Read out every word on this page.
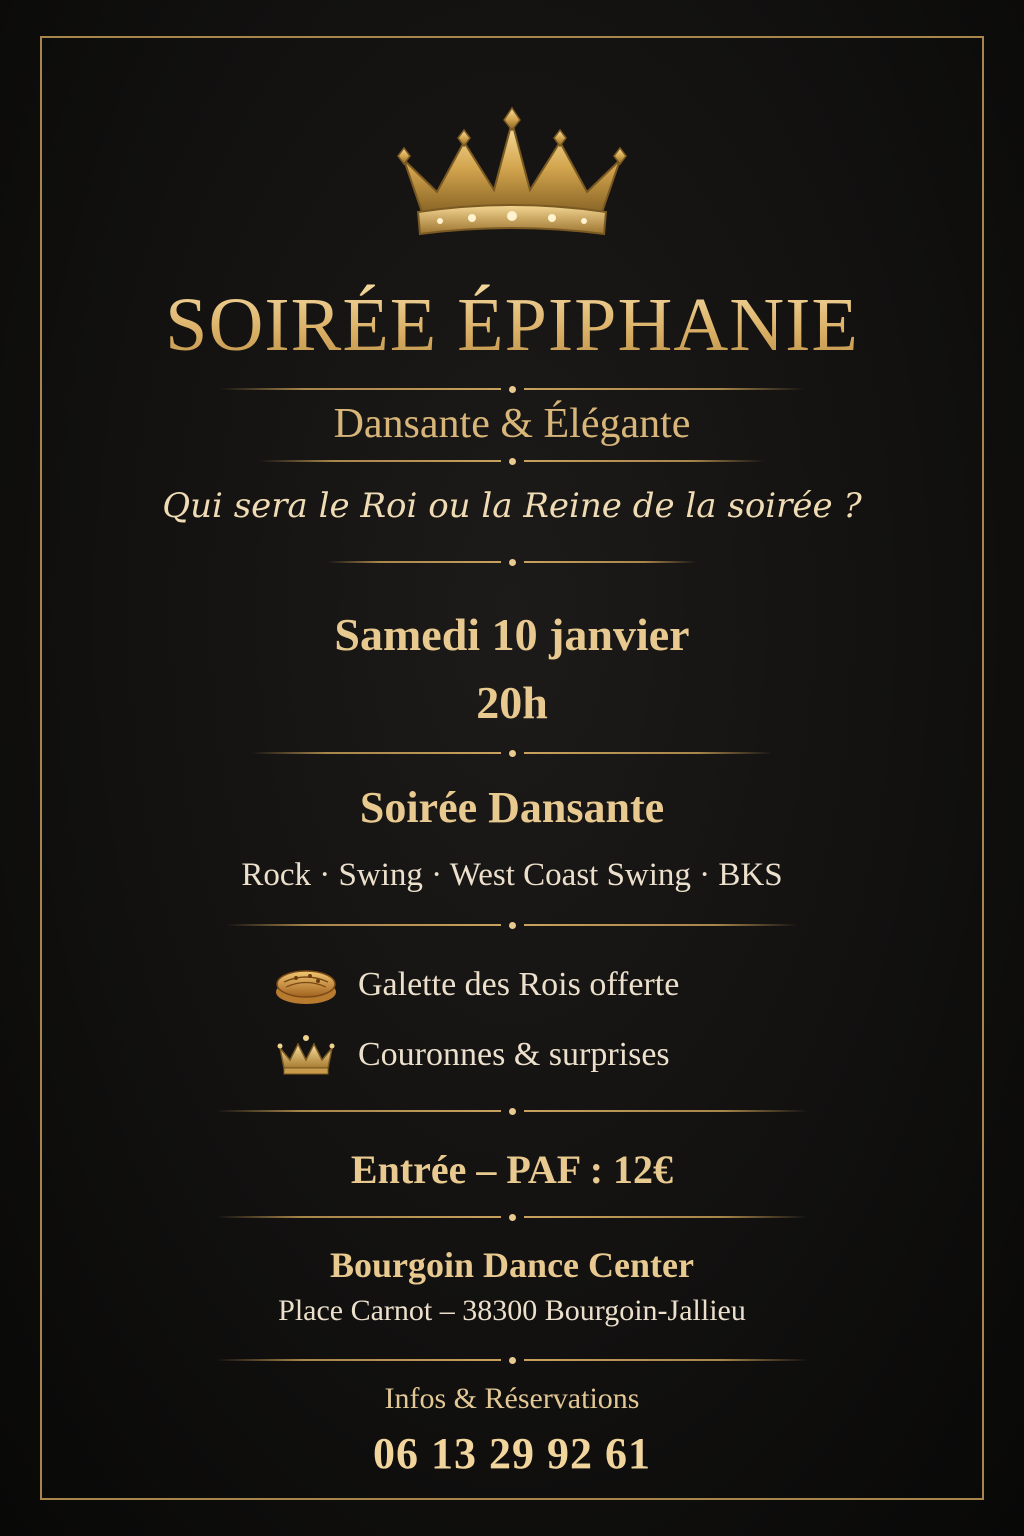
SOIRÉE ÉPIPHANIE
Dansante & Élégante
Qui sera le Roi ou la Reine de la soirée ?
Samedi 10 janvier
20h
Soirée Dansante
Rock · Swing · West Coast Swing · BKS
Galette des Rois offerte
Couronnes & surprises
Entrée – PAF : 12€
Bourgoin Dance Center
Place Carnot – 38300 Bourgoin-Jallieu
Infos & Réservations
06 13 29 92 61
